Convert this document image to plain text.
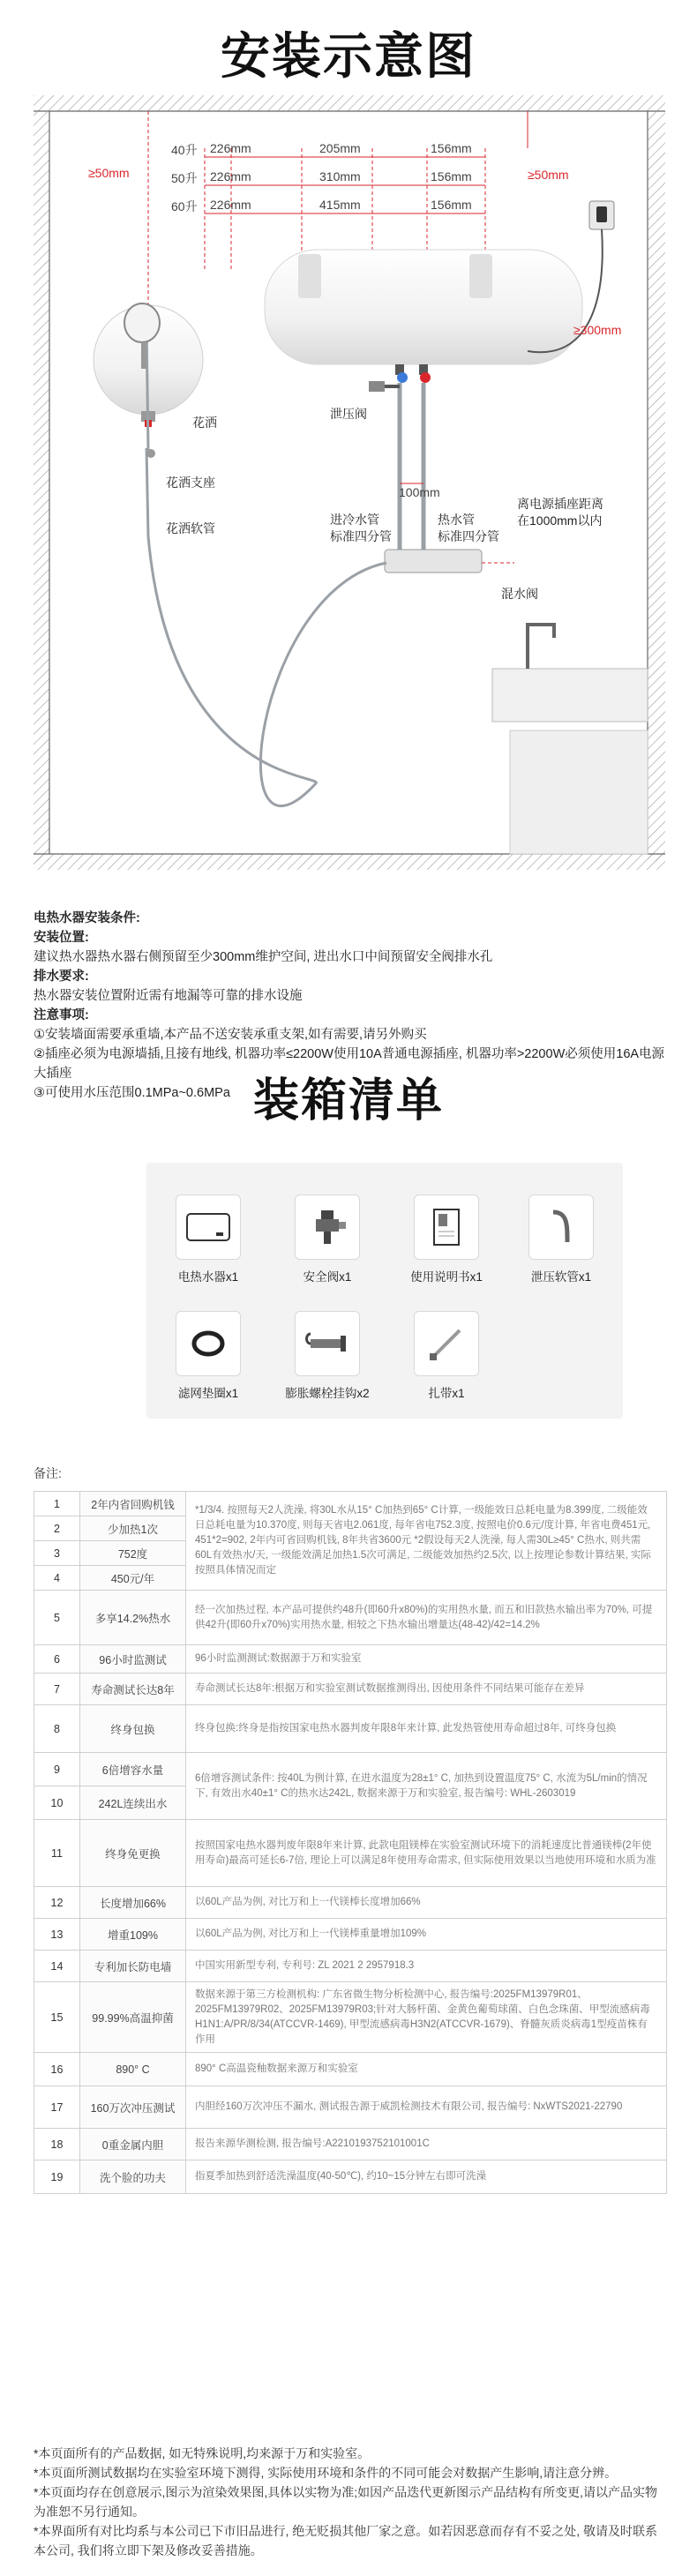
安装示意图
≥50mm	≥50mm
≥300mm
100mm
40升 226mm	205mm	156mm
50升 226mm	310mm	156mm
60升 226mm	415mm	156mm
花洒
花洒支座
花洒软管
泄压阀
进冷水管
标准四分管
热水管
标准四分管
混水阀
离电源插座距离
在1000mm以内
电热水器安装条件:
安装位置:
建议热水器热水器右侧预留至少300mm维护空间, 进出水口中间预留安全阀排水孔
排水要求:
热水器安装位置附近需有地漏等可靠的排水设施
注意事项:
①安装墙面需要承重墙,本产品不送安装承重支架,如有需要,请另外购买
②插座必须为电源墙插,且接有地线, 机器功率≤2200W使用10A普通电源插座, 机器功率>2200W必须使用16A电源大插座
③可使用水压范围0.1MPa~0.6MPa 装箱清单
电热水器x1	安全阀x1	使用说明书x1	泄压软管x1
滤网垫圈x1	膨胀螺栓挂钩x2	扎带x1
备注:
1	2年内省回购机钱	*1/3/4. 按照每天2人洗澡, 将30L水从15° C加热到65° C计算, 一级能效日总耗电量为8.399度, 二级能效日总耗电量为10.370度, 则每天省电2.061度, 每年省电752.3度, 按照电价0.6元/度计算, 年省电费451元, 451*2=902, 2年内可省回购机钱, 8年共省3600元 *2假设每天2人洗澡, 每人需30L≥45° C热水, 则共需60L有效热水/天, 一级能效满足加热1.5次可满足, 二级能效加热约2.5次, 以上按理论参数计算结果, 实际按照具体情况而定
2	少加热1次	
3	752度	
4	450元/年	
5	多享14.2%热水	经一次加热过程, 本产品可提供约48升(即60升x80%)的实用热水量, 而五和旧款热水输出率为70%, 可提供42升(即60升x70%)实用热水量, 相较之下热水输出增量达(48-42)/42=14.2%
6	96小时监测试	96小时监测测试:数据源于万和实验室
7	寿命测试长达8年	寿命测试长达8年:根据万和实验室测试数据推测得出, 因使用条件不同结果可能存在差异
8	终身包换	终身包换:终身是指按国家电热水器判废年限8年来计算, 此发热管使用寿命超过8年, 可终身包换
9	6倍增容水量	6倍增容测试条件: 按40L为例计算, 在进水温度为28±1° C, 加热到设置温度75° C, 水流为5L/min的情况下, 有效出水40±1° C的热水达242L, 数据来源于万和实验室, 报告编号: WHL-2603019
10	242L连续出水	
11	终身免更换	按照国家电热水器判废年限8年来计算, 此款电阻镁棒在实验室测试环境下的消耗速度比普通镁棒(2年使用寿命)最高可延长6-7倍, 理论上可以满足8年使用寿命需求, 但实际使用效果以当地使用环境和水质为准
12	长度增加66%	以60L产品为例, 对比万和上一代镁棒长度增加66%
13	增重109%	以60L产品为例, 对比万和上一代镁棒重量增加109%
14	专利加长防电墙	中国实用新型专利, 专利号: ZL 2021 2 2957918.3
15	99.99%高温抑菌	数据来源于第三方检测机构: 广东省微生物分析检测中心, 报告编号:2025FM13979R01、2025FM13979R02、2025FM13979R03;针对大肠杆菌、金黄色葡萄球菌、白色念珠菌、甲型流感病毒H1N1:A/PR/8/34(ATCCVR-1469), 甲型流感病毒H3N2(ATCCVR-1679)、脊髓灰质炎病毒1型疫苗株有作用
16	890° C	890° C高温瓷釉数据来源万和实验室
17	160万次冲压测试	内胆经160万次冲压不漏水, 测试报告源于威凯检测技术有限公司, 报告编号: NxWTS2021-22790
18	0重金属内胆	报告来源华测检测, 报告编号:A2210193752101001C
19	洗个脸的功夫	指夏季加热到舒适洗澡温度(40-50℃), 约10~15分钟左右即可洗澡
*本页面所有的产品数据, 如无特殊说明,均来源于万和实验室。
*本页面所测试数据均在实验室环境下测得, 实际使用环境和条件的不同可能会对数据产生影响,请注意分辨。
*本页面均存在创意展示,图示为渲染效果图,具体以实物为准;如因产品迭代更新图示产品结构有所变更,请以产品实物为准恕不另行通知。
*本界面所有对比均系与本公司已下市旧品进行, 绝无贬损其他厂家之意。如若因恶意而存有不妥之处, 敬请及时联系本公司, 我们将立即下架及修改妥善措施。
